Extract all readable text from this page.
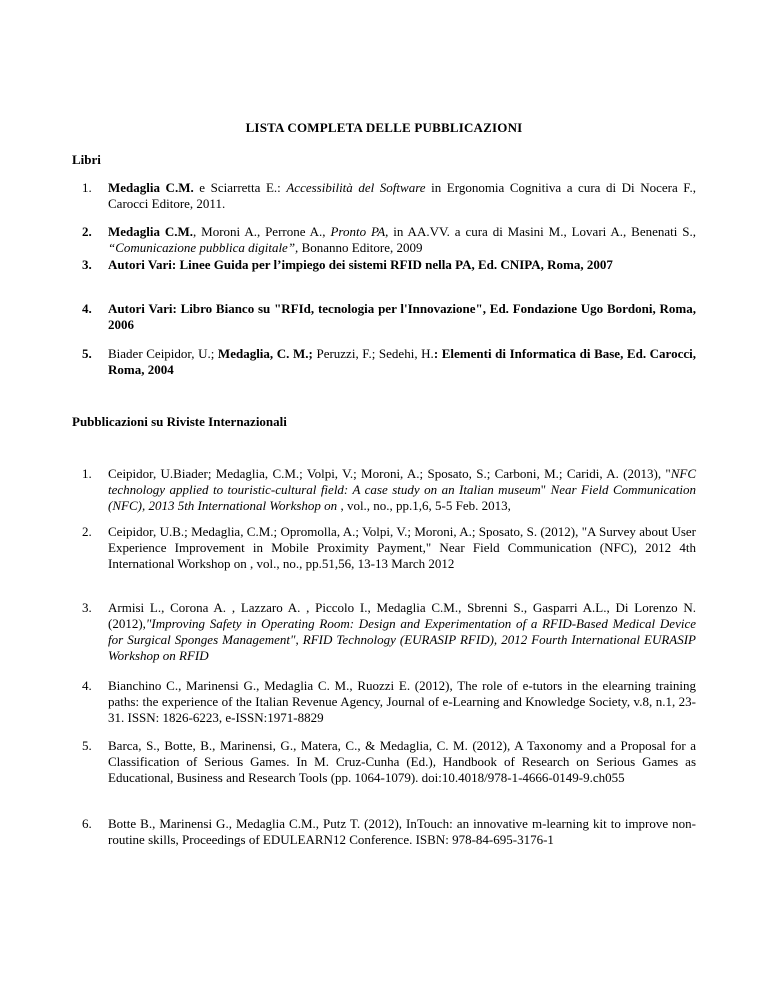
LISTA COMPLETA DELLE PUBBLICAZIONI
Libri
1. Medaglia C.M. e Sciarretta E.: Accessibilità del Software in Ergonomia Cognitiva a cura di Di Nocera F., Carocci Editore, 2011.
2. Medaglia C.M., Moroni A., Perrone A., Pronto PA, in AA.VV. a cura di Masini M., Lovari A., Benenati S., “Comunicazione pubblica digitale”, Bonanno Editore, 2009
3. Autori Vari: Linee Guida per l’impiego dei sistemi RFID nella PA, Ed. CNIPA, Roma, 2007
4. Autori Vari: Libro Bianco su "RFId, tecnologia per l'Innovazione", Ed. Fondazione Ugo Bordoni, Roma, 2006
5. Biader Ceipidor, U.; Medaglia, C. M.; Peruzzi, F.; Sedehi, H.: Elementi di Informatica di Base, Ed. Carocci, Roma, 2004
Pubblicazioni su Riviste Internazionali
1. Ceipidor, U.Biader; Medaglia, C.M.; Volpi, V.; Moroni, A.; Sposato, S.; Carboni, M.; Caridi, A. (2013), "NFC technology applied to touristic-cultural field: A case study on an Italian museum" Near Field Communication (NFC), 2013 5th International Workshop on , vol., no., pp.1,6, 5-5 Feb. 2013,
2. Ceipidor, U.B.; Medaglia, C.M.; Opromolla, A.; Volpi, V.; Moroni, A.; Sposato, S. (2012), "A Survey about User Experience Improvement in Mobile Proximity Payment," Near Field Communication (NFC), 2012 4th International Workshop on , vol., no., pp.51,56, 13-13 March 2012
3. Armisi L., Corona A. , Lazzaro A. , Piccolo I., Medaglia C.M., Sbrenni S., Gasparri A.L., Di Lorenzo N. (2012),"Improving Safety in Operating Room: Design and Experimentation of a RFID-Based Medical Device for Surgical Sponges Management", RFID Technology (EURASIP RFID), 2012 Fourth International EURASIP Workshop on RFID
4. Bianchino C., Marinensi G., Medaglia C. M., Ruozzi E. (2012), The role of e-tutors in the elearning training paths: the experience of the Italian Revenue Agency, Journal of e-Learning and Knowledge Society, v.8, n.1, 23-31. ISSN: 1826-6223, e-ISSN:1971-8829
5. Barca, S., Botte, B., Marinensi, G., Matera, C., & Medaglia, C. M. (2012), A Taxonomy and a Proposal for a Classification of Serious Games. In M. Cruz-Cunha (Ed.), Handbook of Research on Serious Games as Educational, Business and Research Tools (pp. 1064-1079). doi:10.4018/978-1-4666-0149-9.ch055
6. Botte B., Marinensi G., Medaglia C.M., Putz T. (2012), InTouch: an innovative m-learning kit to improve non-routine skills, Proceedings of EDULEARN12 Conference. ISBN: 978-84-695-3176-1
